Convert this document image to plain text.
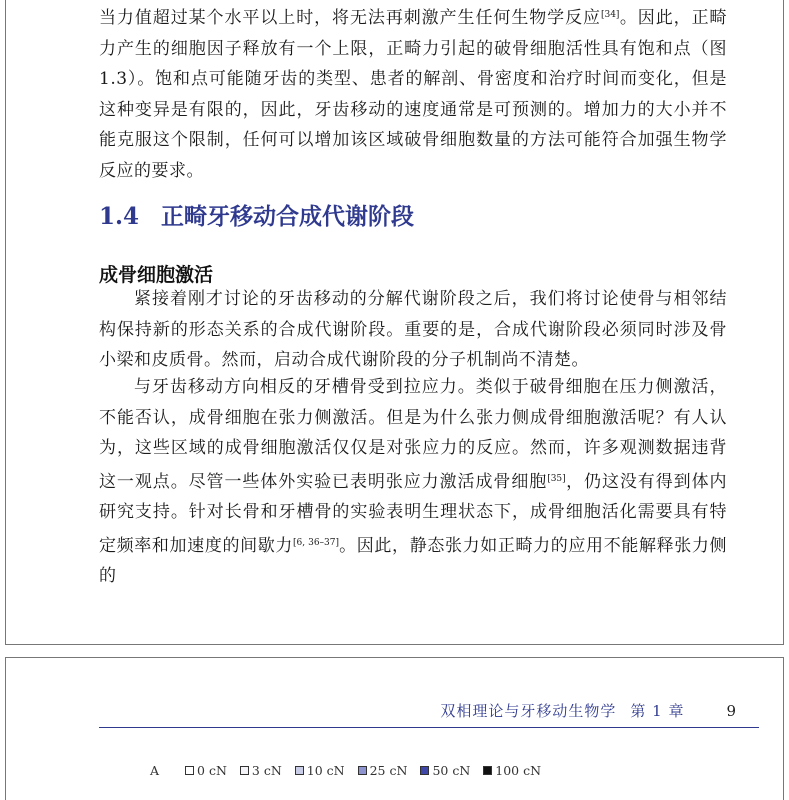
当力值超过某个水平以上时，将无法再刺激产生任何生物学反应[34]。因此，正畸力产生的细胞因子释放有一个上限，正畸力引起的破骨细胞活性具有饱和点（图 1.3）。饱和点可能随牙齿的类型、患者的解剖、骨密度和治疗时间而变化，但是这种变异是有限的，因此，牙齿移动的速度通常是可预测的。增加力的大小并不能克服这个限制，任何可以增加该区域破骨细胞数量的方法可能符合加强生物学反应的要求。

1.4 正畸牙移动合成代谢阶段
成骨细胞激活

紧接着刚才讨论的牙齿移动的分解代谢阶段之后，我们将讨论使骨与相邻结构保持新的形态关系的合成代谢阶段。重要的是，合成代谢阶段必须同时涉及骨小梁和皮质骨。然而，启动合成代谢阶段的分子机制尚不清楚。

与牙齿移动方向相反的牙槽骨受到拉应力。类似于破骨细胞在压力侧激活，不能否认，成骨细胞在张力侧激活。但是为什么张力侧成骨细胞激活呢？有人认为，这些区域的成骨细胞激活仅仅是对张应力的反应。然而，许多观测数据违背这一观点。尽管一些体外实验已表明张应力激活成骨细胞[35]，仍这没有得到体内研究支持。针对长骨和牙槽骨的实验表明生理状态下，成骨细胞活化需要具有特定频率和加速度的间歇力[6, 36–37]。因此，静态张力如正畸力的应用不能解释张力侧的

双相理论与牙移动生物学 第 1 章	9
A	0 cN 3 cN 10 cN 25 cN 50 cN 100 cN
